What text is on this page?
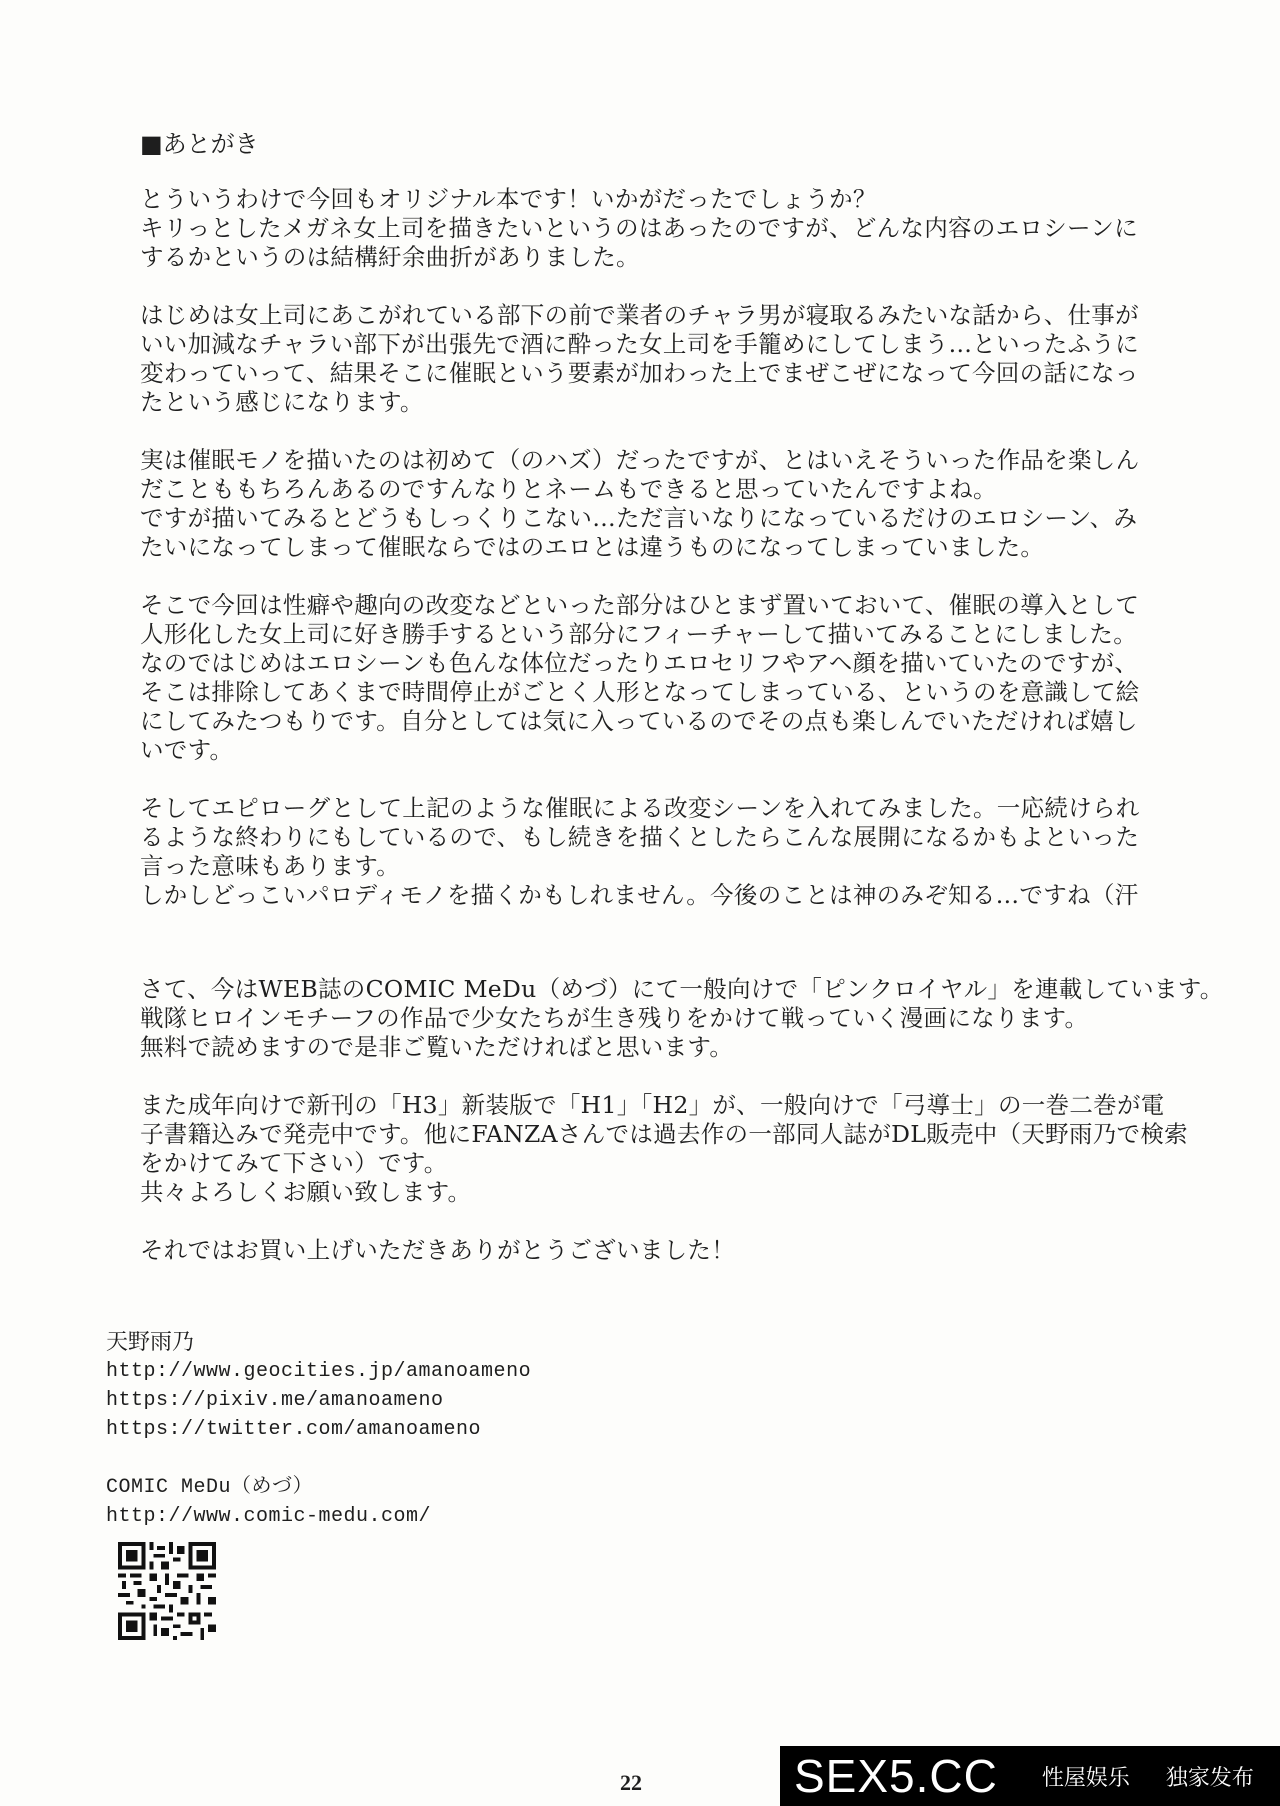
■あとがき
とういうわけで今回もオリジナル本です！いかがだったでしょうか？
キリっとしたメガネ女上司を描きたいというのはあったのですが、どんな内容のエロシーンに
するかというのは結構紆余曲折がありました。
はじめは女上司にあこがれている部下の前で業者のチャラ男が寝取るみたいな話から、仕事が
いい加減なチャラい部下が出張先で酒に酔った女上司を手籠めにしてしまう…といったふうに
変わっていって、結果そこに催眠という要素が加わった上でまぜこぜになって今回の話になっ
たという感じになります。
実は催眠モノを描いたのは初めて（のハズ）だったですが、とはいえそういった作品を楽しん
だことももちろんあるのですんなりとネームもできると思っていたんですよね。
ですが描いてみるとどうもしっくりこない…ただ言いなりになっているだけのエロシーン、み
たいになってしまって催眠ならではのエロとは違うものになってしまっていました。
そこで今回は性癖や趣向の改変などといった部分はひとまず置いておいて、催眠の導入として
人形化した女上司に好き勝手するという部分にフィーチャーして描いてみることにしました。
なのではじめはエロシーンも色んな体位だったりエロセリフやアヘ顔を描いていたのですが、
そこは排除してあくまで時間停止がごとく人形となってしまっている、というのを意識して絵
にしてみたつもりです。自分としては気に入っているのでその点も楽しんでいただければ嬉し
いです。
そしてエピローグとして上記のような催眠による改変シーンを入れてみました。一応続けられ
るような終わりにもしているので、もし続きを描くとしたらこんな展開になるかもよといった
言った意味もあります。
しかしどっこいパロディモノを描くかもしれません。今後のことは神のみぞ知る…ですね（汗
さて、今はWEB誌のCOMIC MeDu（めづ）にて一般向けで「ピンクロイヤル」を連載しています。
戦隊ヒロインモチーフの作品で少女たちが生き残りをかけて戦っていく漫画になります。
無料で読めますので是非ご覧いただければと思います。
また成年向けで新刊の「H3」新装版で「H1」「H2」が、一般向けで「弓導士」の一巻二巻が電
子書籍込みで発売中です。他にFANZAさんでは過去作の一部同人誌がDL販売中（天野雨乃で検索
をかけてみて下さい）です。
共々よろしくお願い致します。
それではお買い上げいただきありがとうございました！
天野雨乃
http://www.geocities.jp/amanoameno
https://pixiv.me/amanoameno
https://twitter.com/amanoameno
COMIC MeDu（めづ）
http://www.comic-medu.com/
22	SEX5.CC 性屋娱乐 独家发布
